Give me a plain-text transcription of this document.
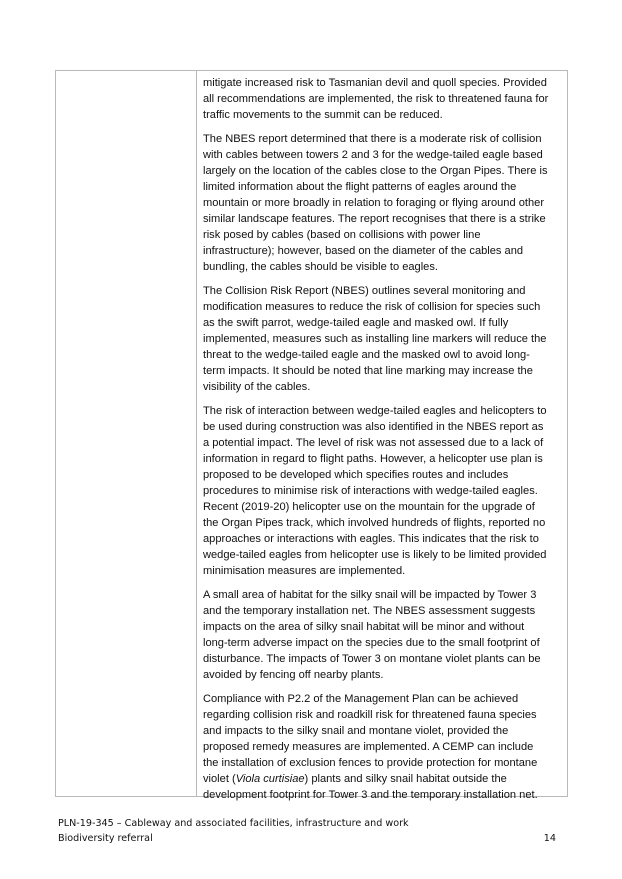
mitigate increased risk to Tasmanian devil and quoll species. Provided
all recommendations are implemented, the risk to threatened fauna for
traffic movements to the summit can be reduced.
The NBES report determined that there is a moderate risk of collision
with cables between towers 2 and 3 for the wedge-tailed eagle based
largely on the location of the cables close to the Organ Pipes. There is
limited information about the flight patterns of eagles around the
mountain or more broadly in relation to foraging or flying around other
similar landscape features. The report recognises that there is a strike
risk posed by cables (based on collisions with power line
infrastructure); however, based on the diameter of the cables and
bundling, the cables should be visible to eagles.
The Collision Risk Report (NBES) outlines several monitoring and
modification measures to reduce the risk of collision for species such
as the swift parrot, wedge-tailed eagle and masked owl. If fully
implemented, measures such as installing line markers will reduce the
threat to the wedge-tailed eagle and the masked owl to avoid long-
term impacts. It should be noted that line marking may increase the
visibility of the cables.
The risk of interaction between wedge-tailed eagles and helicopters to
be used during construction was also identified in the NBES report as
a potential impact. The level of risk was not assessed due to a lack of
information in regard to flight paths. However, a helicopter use plan is
proposed to be developed which specifies routes and includes
procedures to minimise risk of interactions with wedge-tailed eagles.
Recent (2019-20) helicopter use on the mountain for the upgrade of
the Organ Pipes track, which involved hundreds of flights, reported no
approaches or interactions with eagles. This indicates that the risk to
wedge-tailed eagles from helicopter use is likely to be limited provided
minimisation measures are implemented.
A small area of habitat for the silky snail will be impacted by Tower 3
and the temporary installation net. The NBES assessment suggests
impacts on the area of silky snail habitat will be minor and without
long-term adverse impact on the species due to the small footprint of
disturbance. The impacts of Tower 3 on montane violet plants can be
avoided by fencing off nearby plants.
Compliance with P2.2 of the Management Plan can be achieved
regarding collision risk and roadkill risk for threatened fauna species
and impacts to the silky snail and montane violet, provided the
proposed remedy measures are implemented. A CEMP can include
the installation of exclusion fences to provide protection for montane
violet (Viola curtisiae) plants and silky snail habitat outside the
development footprint for Tower 3 and the temporary installation net.
PLN-19-345 – Cableway and associated facilities, infrastructure and work
Biodiversity referral	14
